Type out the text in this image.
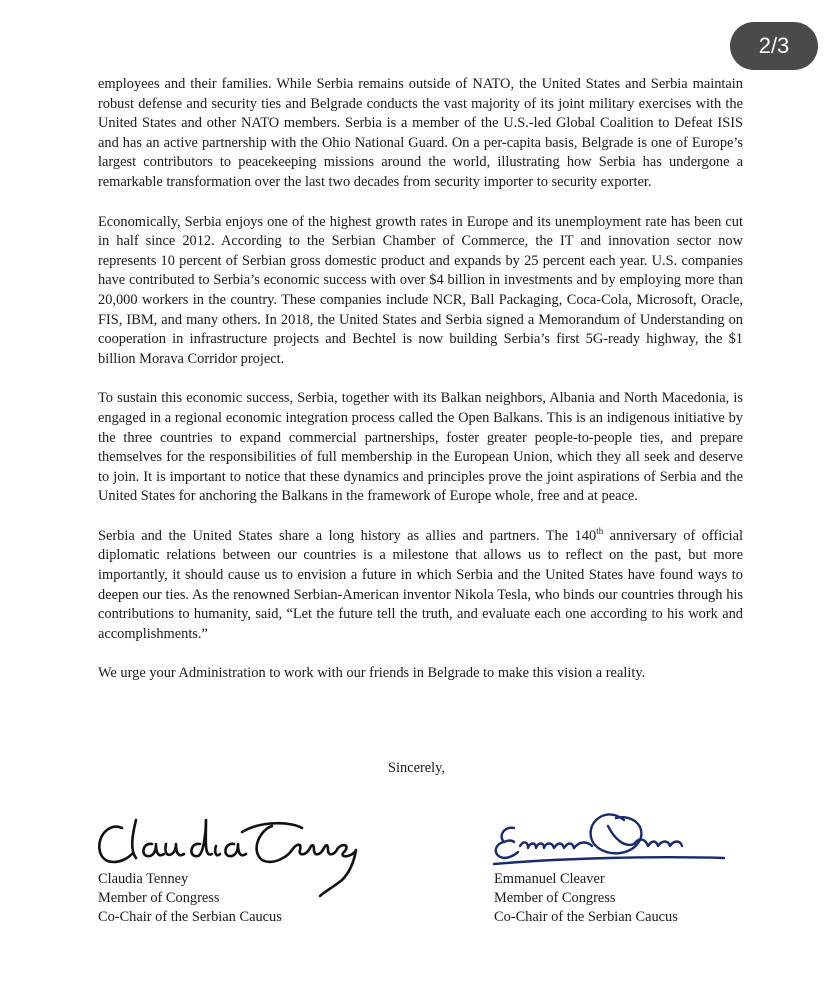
2/3

employees and their families. While Serbia remains outside of NATO, the United States and Serbia maintain robust defense and security ties and Belgrade conducts the vast majority of its joint military exercises with the United States and other NATO members. Serbia is a member of the U.S.-led Global Coalition to Defeat ISIS and has an active partnership with the Ohio National Guard. On a per-capita basis, Belgrade is one of Europe’s largest contributors to peacekeeping missions around the world, illustrating how Serbia has undergone a remarkable transformation over the last two decades from security importer to security exporter.

Economically, Serbia enjoys one of the highest growth rates in Europe and its unemployment rate has been cut in half since 2012. According to the Serbian Chamber of Commerce, the IT and innovation sector now represents 10 percent of Serbian gross domestic product and expands by 25 percent each year. U.S. companies have contributed to Serbia’s economic success with over $4 billion in investments and by employing more than 20,000 workers in the country. These companies include NCR, Ball Packaging, Coca-Cola, Microsoft, Oracle, FIS, IBM, and many others. In 2018, the United States and Serbia signed a Memorandum of Understanding on cooperation in infrastructure projects and Bechtel is now building Serbia’s first 5G-ready highway, the $1 billion Morava Corridor project.

To sustain this economic success, Serbia, together with its Balkan neighbors, Albania and North Macedonia, is engaged in a regional economic integration process called the Open Balkans. This is an indigenous initiative by the three countries to expand commercial partnerships, foster greater people-to-people ties, and prepare themselves for the responsibilities of full membership in the European Union, which they all seek and deserve to join. It is important to notice that these dynamics and principles prove the joint aspirations of Serbia and the United States for anchoring the Balkans in the framework of Europe whole, free and at peace.

Serbia and the United States share a long history as allies and partners. The 140th anniversary of official diplomatic relations between our countries is a milestone that allows us to reflect on the past, but more importantly, it should cause us to envision a future in which Serbia and the United States have found ways to deepen our ties. As the renowned Serbian-American inventor Nikola Tesla, who binds our countries through his contributions to humanity, said, “Let the future tell the truth, and evaluate each one according to his work and accomplishments.”

We urge your Administration to work with our friends in Belgrade to make this vision a reality.

Sincerely,
Claudia Tenney
Member of Congress
Co-Chair of the Serbian Caucus
Emmanuel Cleaver
Member of Congress
Co-Chair of the Serbian Caucus
